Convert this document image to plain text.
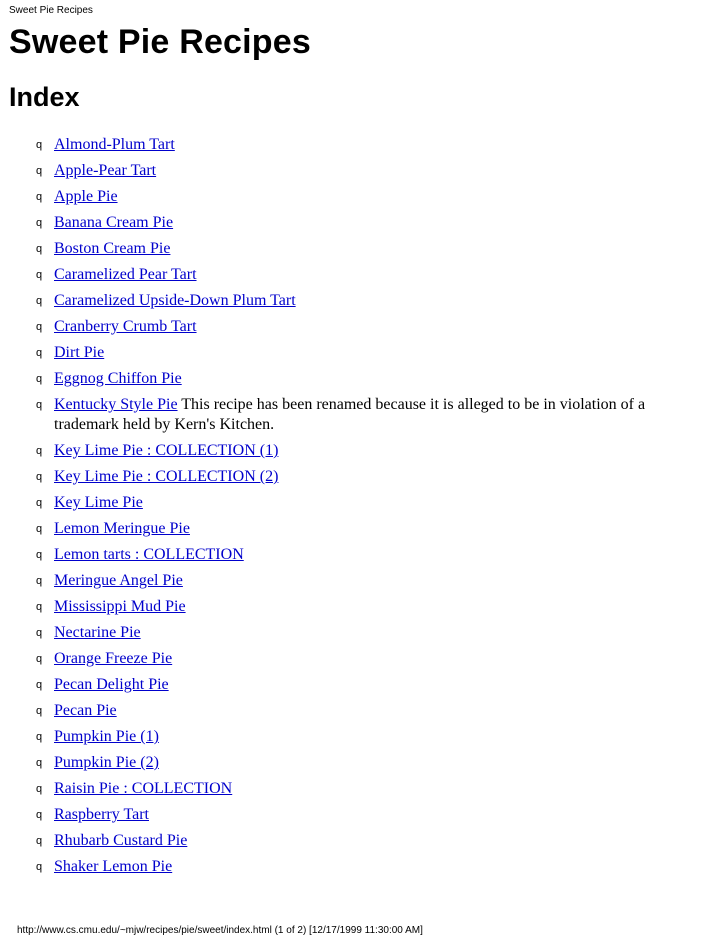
Sweet Pie Recipes
Sweet Pie Recipes
Index
q Almond-Plum Tart
q Apple-Pear Tart
q Apple Pie
q Banana Cream Pie
q Boston Cream Pie
q Caramelized Pear Tart
q Caramelized Upside-Down Plum Tart
q Cranberry Crumb Tart
q Dirt Pie
q Eggnog Chiffon Pie
q Kentucky Style Pie This recipe has been renamed because it is alleged to be in violation of a trademark held by Kern's Kitchen.
q Key Lime Pie : COLLECTION (1)
q Key Lime Pie : COLLECTION (2)
q Key Lime Pie
q Lemon Meringue Pie
q Lemon tarts : COLLECTION
q Meringue Angel Pie
q Mississippi Mud Pie
q Nectarine Pie
q Orange Freeze Pie
q Pecan Delight Pie
q Pecan Pie
q Pumpkin Pie (1)
q Pumpkin Pie (2)
q Raisin Pie : COLLECTION
q Raspberry Tart
q Rhubarb Custard Pie
q Shaker Lemon Pie
http://www.cs.cmu.edu/~mjw/recipes/pie/sweet/index.html (1 of 2) [12/17/1999 11:30:00 AM]
